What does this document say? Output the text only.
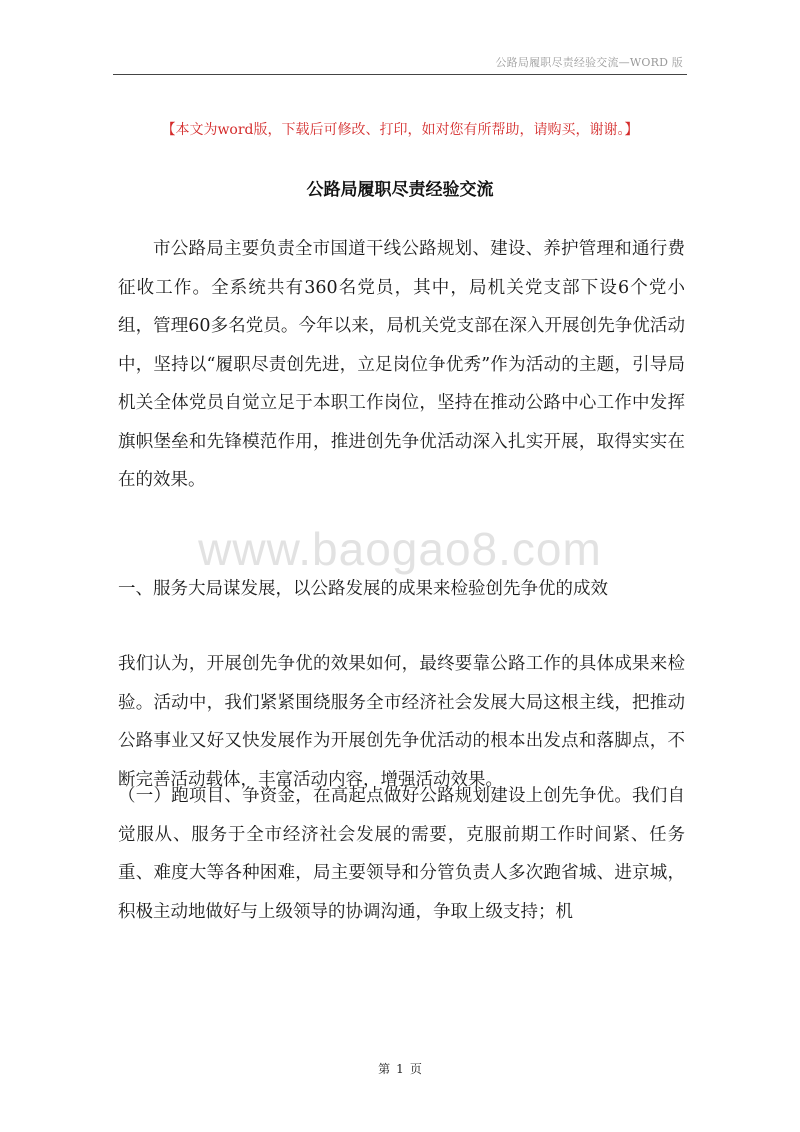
公路局履职尽责经验交流—WORD 版
【本文为word版，下载后可修改、打印，如对您有所帮助，请购买，谢谢。】
公路局履职尽责经验交流

市公路局主要负责全市国道干线公路规划、建设、养护管理和通行费征收工作。全系统共有360名党员，其中，局机关党支部下设6个党小组，管理60多名党员。今年以来，局机关党支部在深入开展创先争优活动中，坚持以“履职尽责创先进，立足岗位争优秀”作为活动的主题，引导局机关全体党员自觉立足于本职工作岗位，坚持在推动公路中心工作中发挥旗帜堡垒和先锋模范作用，推进创先争优活动深入扎实开展，取得实实在在的效果。

www.baogao8.com

一、服务大局谋发展，以公路发展的成果来检验创先争优的成效

我们认为，开展创先争优的效果如何，最终要靠公路工作的具体成果来检验。活动中，我们紧紧围绕服务全市经济社会发展大局这根主线，把推动公路事业又好又快发展作为开展创先争优活动的根本出发点和落脚点，不断完善活动载体，丰富活动内容，增强活动效果。

（一）跑项目、争资金，在高起点做好公路规划建设上创先争优。我们自觉服从、服务于全市经济社会发展的需要，克服前期工作时间紧、任务重、难度大等各种困难，局主要领导和分管负责人多次跑省城、进京城，积极主动地做好与上级领导的协调沟通，争取上级支持；机

第 1 页
